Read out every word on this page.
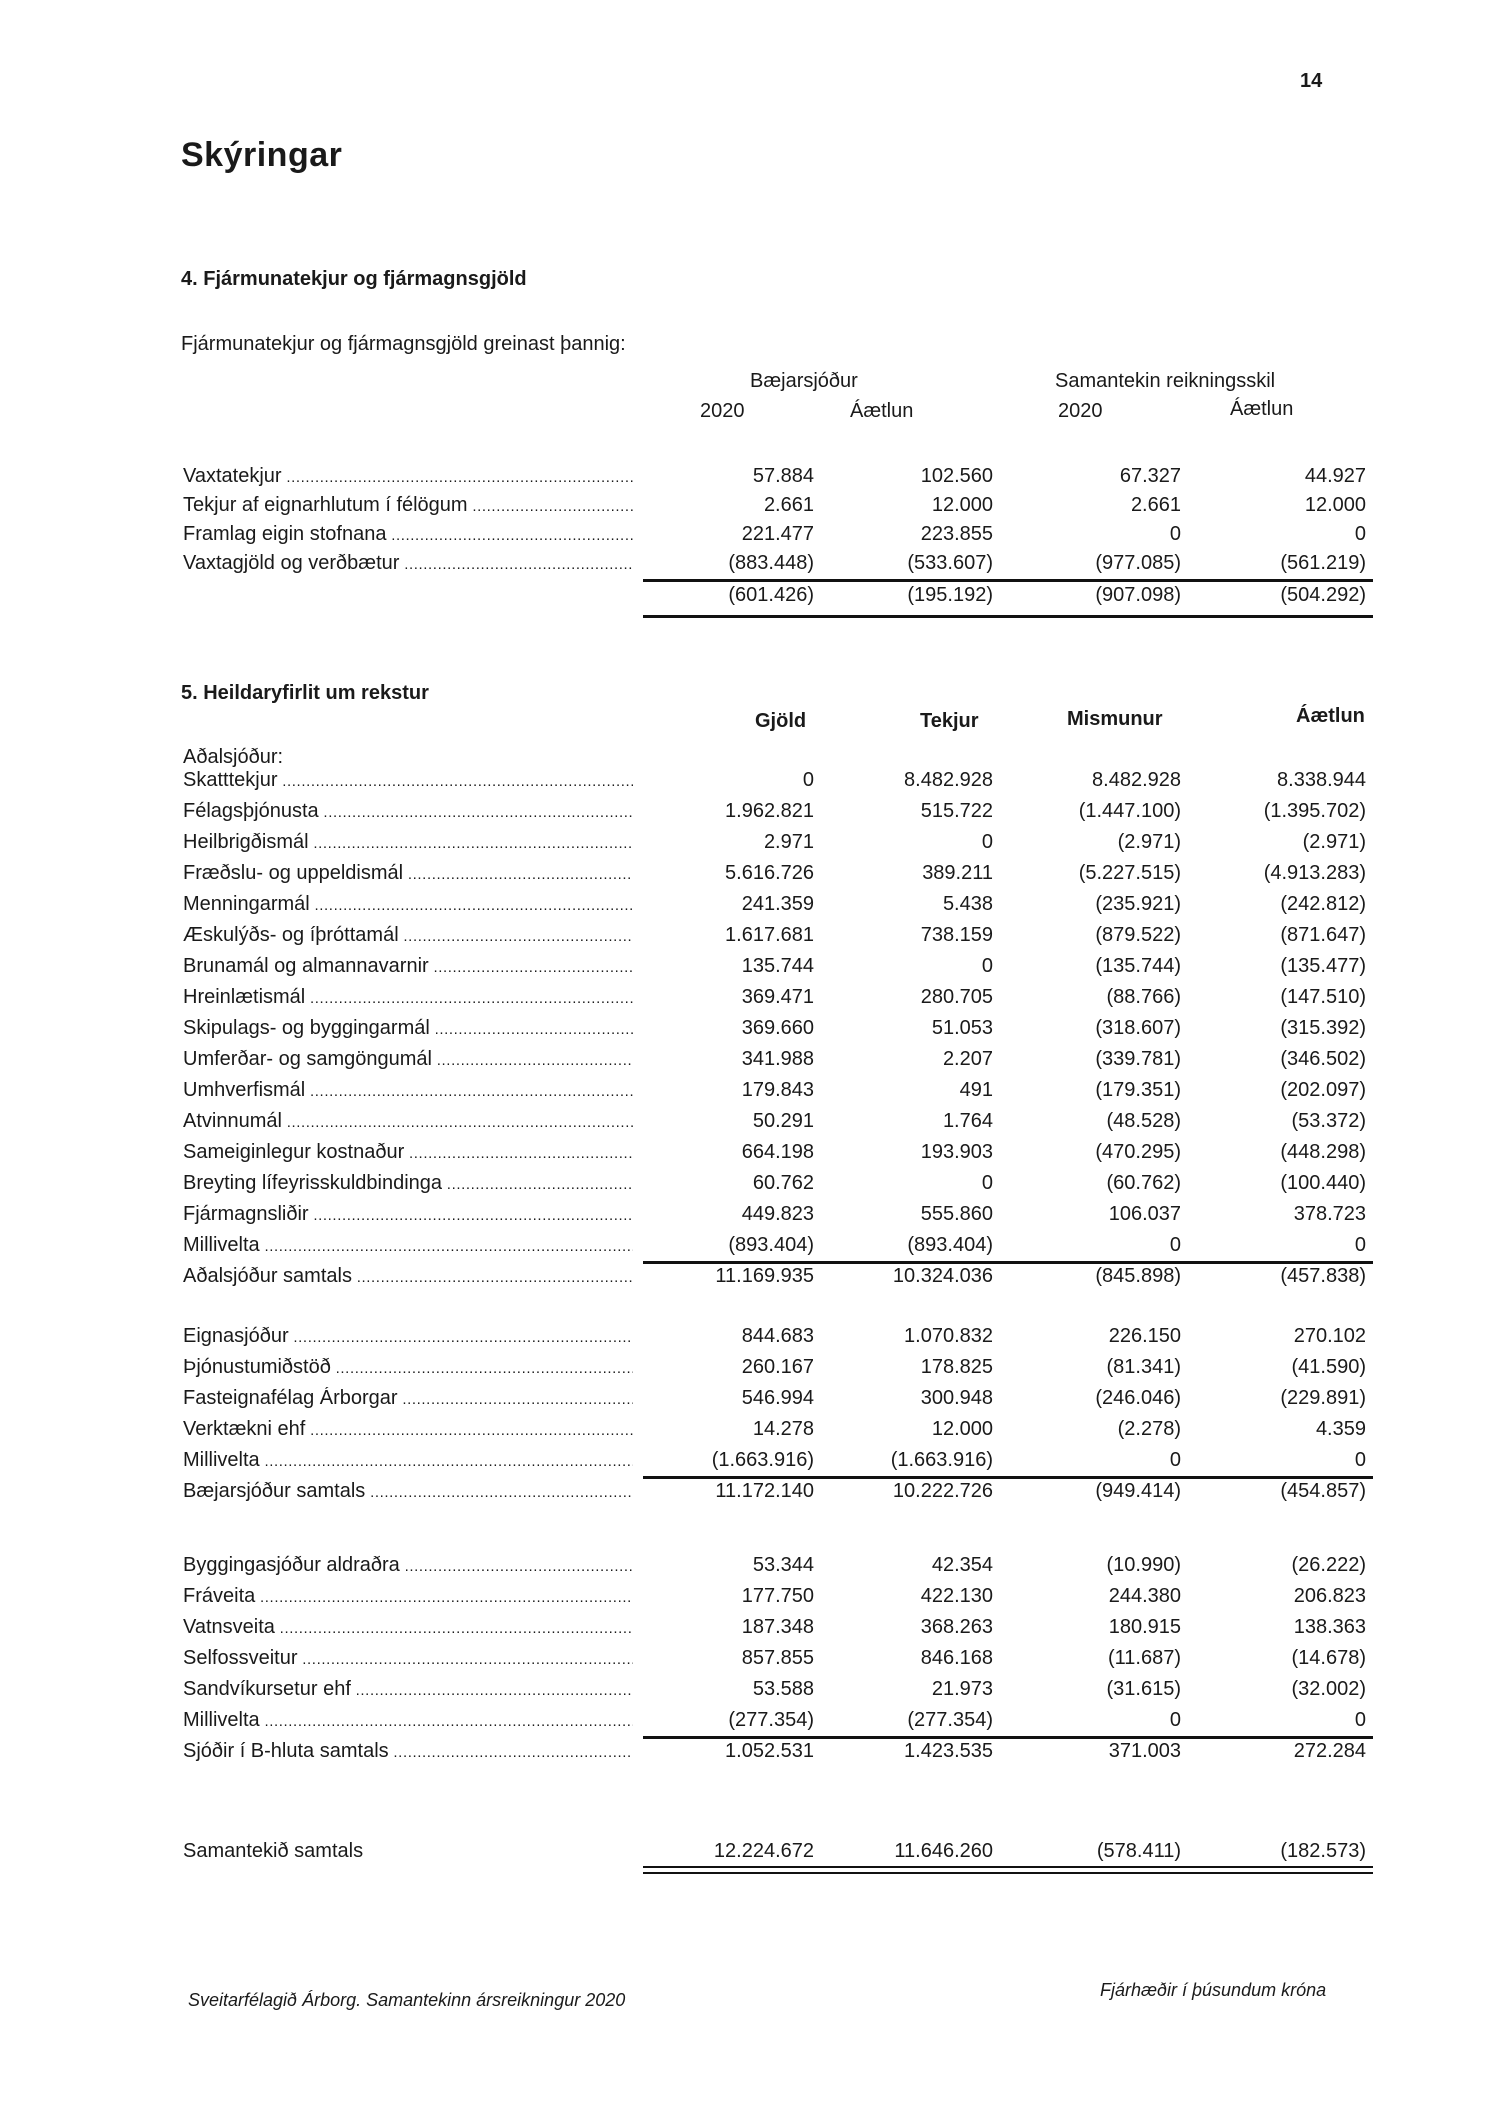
14
Skýringar
4. Fjármunatekjur og fjármagnsgjöld
Fjármunatekjur og fjármagnsgjöld greinast þannig:
Bæjarsjóður	Samantekin reikningsskil
2020	Áætlun	2020	Áætlun
Vaxtatekjur .....	57.884	102.560	67.327	44.927
Tekjur af eignarhlutum í félögum .....	2.661	12.000	2.661	12.000
Framlag eigin stofnana .....	221.477	223.855	0	0
Vaxtagjöld og verðbætur .....	(883.448)	(533.607)	(977.085)	(561.219)
(601.426)	(195.192)	(907.098)	(504.292)
5. Heildaryfirlit um rekstur
Gjöld	Tekjur	Mismunur	Áætlun
Aðalsjóður:
Skatttekjur .....	0	8.482.928	8.482.928	8.338.944
Félagsþjónusta .....	1.962.821	515.722	(1.447.100)	(1.395.702)
Heilbrigðismál .....	2.971	0	(2.971)	(2.971)
Fræðslu- og uppeldismál .....	5.616.726	389.211	(5.227.515)	(4.913.283)
Menningarmál .....	241.359	5.438	(235.921)	(242.812)
Æskulýðs- og íþróttamál .....	1.617.681	738.159	(879.522)	(871.647)
Brunamál og almannavarnir .....	135.744	0	(135.744)	(135.477)
Hreinlætismál .....	369.471	280.705	(88.766)	(147.510)
Skipulags- og byggingarmál .....	369.660	51.053	(318.607)	(315.392)
Umferðar- og samgöngumál .....	341.988	2.207	(339.781)	(346.502)
Umhverfismál .....	179.843	491	(179.351)	(202.097)
Atvinnumál .....	50.291	1.764	(48.528)	(53.372)
Sameiginlegur kostnaður .....	664.198	193.903	(470.295)	(448.298)
Breyting lífeyrisskuldbindinga .....	60.762	0	(60.762)	(100.440)
Fjármagnsliðir .....	449.823	555.860	106.037	378.723
Millivelta .....	(893.404)	(893.404)	0	0
Aðalsjóður samtals .....	11.169.935	10.324.036	(845.898)	(457.838)
Eignasjóður .....	844.683	1.070.832	226.150	270.102
Þjónustumiðstöð .....	260.167	178.825	(81.341)	(41.590)
Fasteignafélag Árborgar .....	546.994	300.948	(246.046)	(229.891)
Verktækni ehf .....	14.278	12.000	(2.278)	4.359
Millivelta .....	(1.663.916)	(1.663.916)	0	0
Bæjarsjóður samtals .....	11.172.140	10.222.726	(949.414)	(454.857)
Byggingasjóður aldraðra .....	53.344	42.354	(10.990)	(26.222)
Fráveita .....	177.750	422.130	244.380	206.823
Vatnsveita .....	187.348	368.263	180.915	138.363
Selfossveitur .....	857.855	846.168	(11.687)	(14.678)
Sandvíkursetur ehf .....	53.588	21.973	(31.615)	(32.002)
Millivelta .....	(277.354)	(277.354)	0	0
Sjóðir í B-hluta samtals .....	1.052.531	1.423.535	371.003	272.284
Samantekið samtals	12.224.672	11.646.260	(578.411)	(182.573)
Sveitarfélagið Árborg. Samantekinn ársreikningur 2020	Fjárhæðir í þúsundum króna
